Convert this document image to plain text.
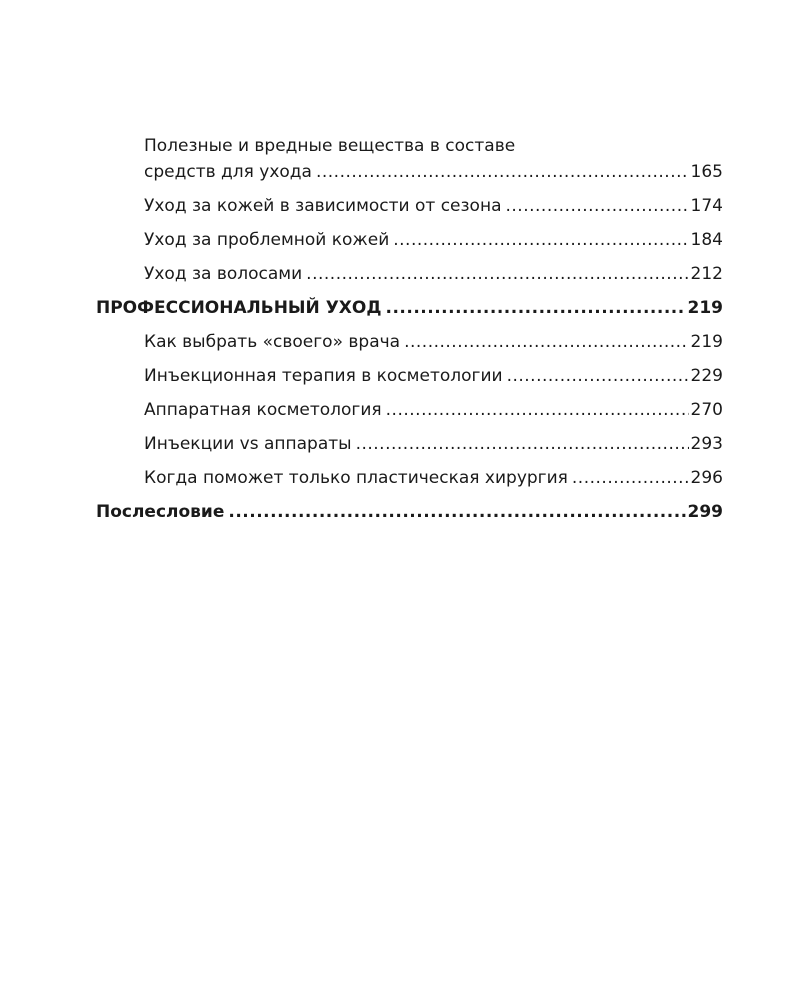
Полезные и вредные вещества в составе
средств для ухода .....	165
Уход за кожей в зависимости от сезона .....	174
Уход за проблемной кожей .....	184
Уход за волосами .....	212
ПРОФЕССИОНАЛЬНЫЙ УХОД .....	219
Как выбрать «своего» врача .....	219
Инъекционная терапия в косметологии .....	229
Аппаратная косметология .....	270
Инъекции vs аппараты .....	293
Когда поможет только пластическая хирургия .....	296
Послесловие .....	299
